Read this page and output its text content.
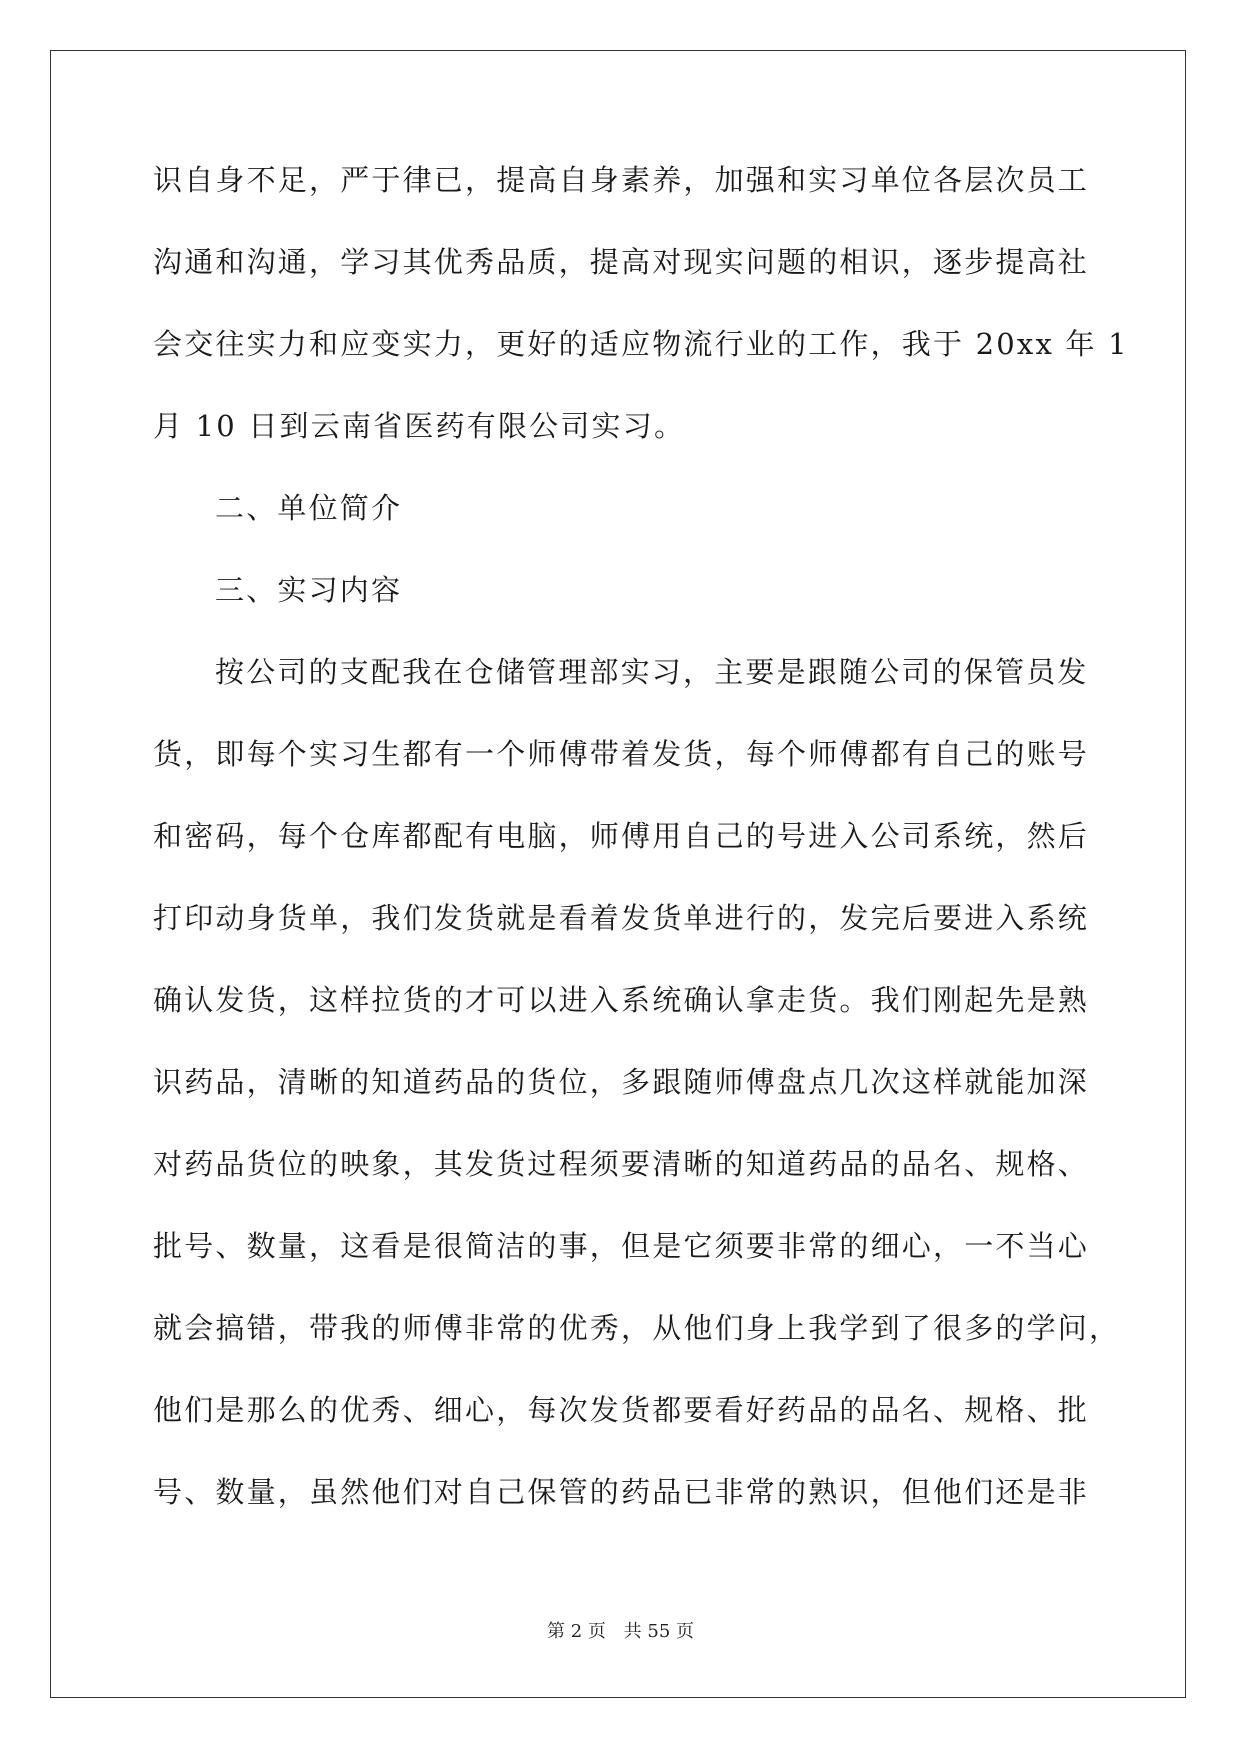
识自身不足，严于律已，提高自身素养，加强和实习单位各层次员工
沟通和沟通，学习其优秀品质，提高对现实问题的相识，逐步提高社
会交往实力和应变实力，更好的适应物流行业的工作，我于 20xx 年 1
月 10 日到云南省医药有限公司实习。
二、单位简介
三、实习内容
按公司的支配我在仓储管理部实习，主要是跟随公司的保管员发
货，即每个实习生都有一个师傅带着发货，每个师傅都有自己的账号
和密码，每个仓库都配有电脑，师傅用自己的号进入公司系统，然后
打印动身货单，我们发货就是看着发货单进行的，发完后要进入系统
确认发货，这样拉货的才可以进入系统确认拿走货。我们刚起先是熟
识药品，清晰的知道药品的货位，多跟随师傅盘点几次这样就能加深
对药品货位的映象，其发货过程须要清晰的知道药品的品名、规格、
批号、数量，这看是很简洁的事，但是它须要非常的细心，一不当心
就会搞错，带我的师傅非常的优秀，从他们身上我学到了很多的学问，
他们是那么的优秀、细心，每次发货都要看好药品的品名、规格、批
号、数量，虽然他们对自己保管的药品已非常的熟识，但他们还是非
第 2 页 共 55 页
